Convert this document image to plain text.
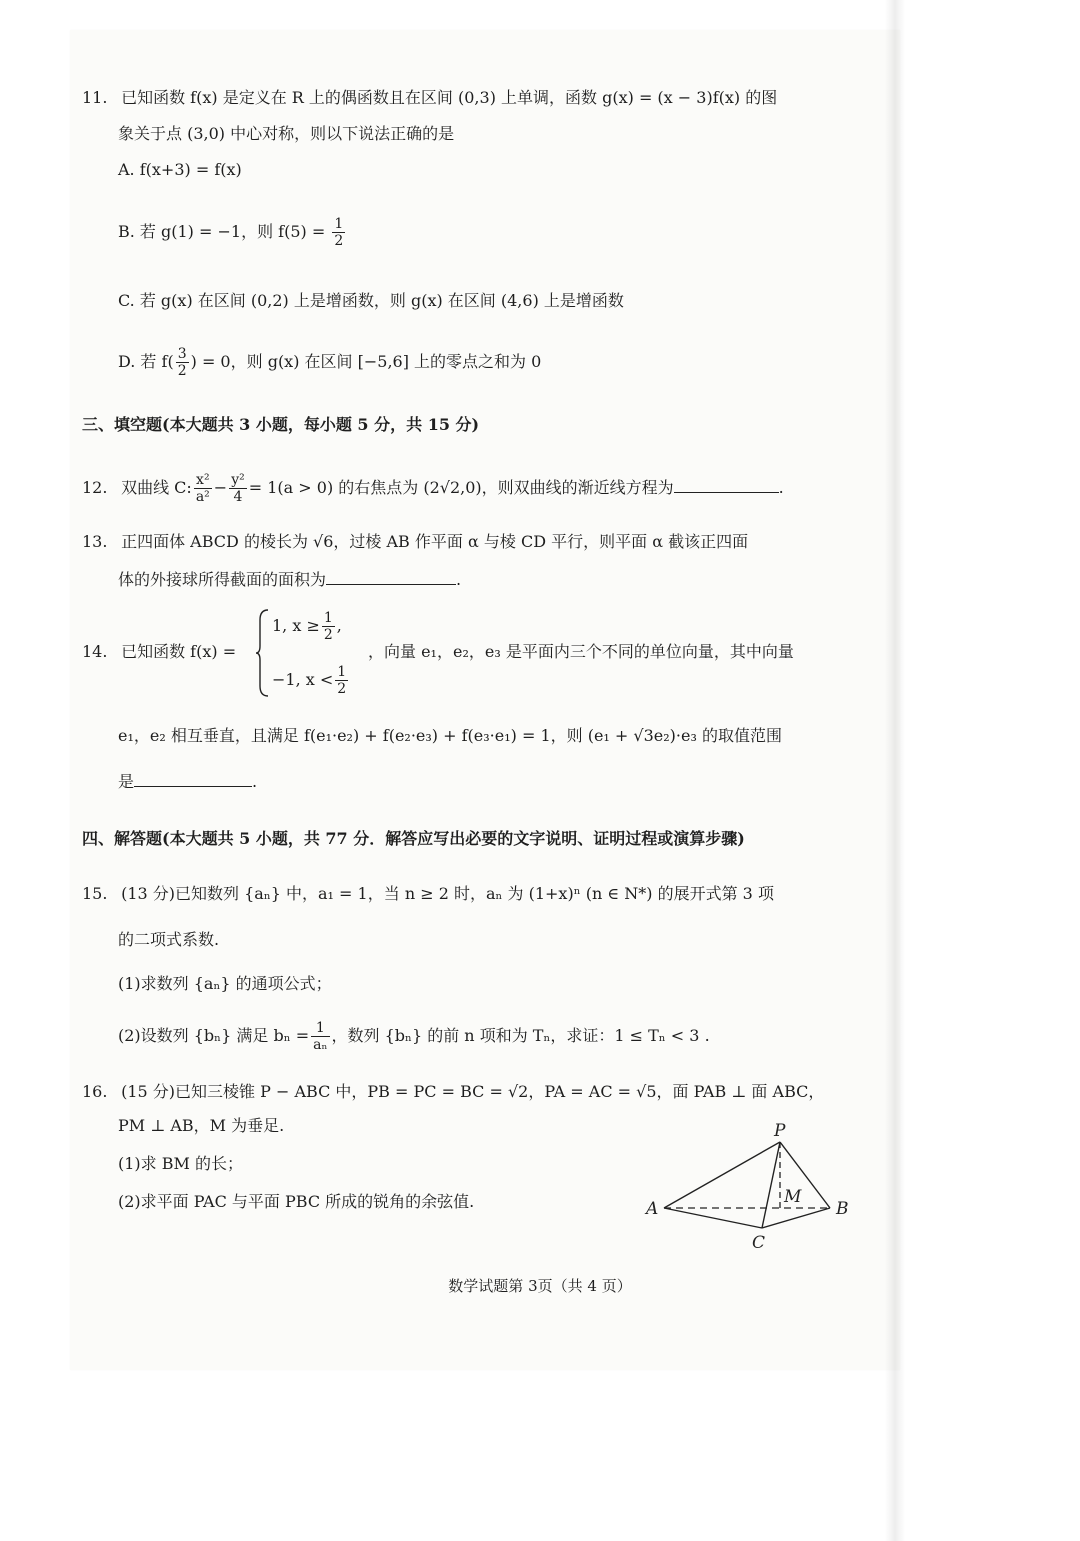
11. 已知函数 f(x) 是定义在 R 上的偶函数且在区间 (0,3) 上单调，函数 g(x) = (x − 3)f(x) 的图
象关于点 (3,0) 中心对称，则以下说法正确的是
A. f(x+3) = f(x)
B. 若 g(1) = −1，则 $f(5) = \frac{1}{2}$
C. 若 g(x) 在区间 (0,2) 上是增函数，则 g(x) 在区间 (4,6) 上是增函数
D. 若 $f( \frac{3}{2}$ ) = 0，则 g(x) 在区间 [−5,6] 上的零点之和为 0
三、填空题(本大题共 3 小题，每小题 5 分，共 15 分)
12. 双曲线 C: $\frac{\text{x²}}{\text{a²}} - \frac{\text{y²}}{4} = 1(a > 0)$ 的右焦点为 (2√2,0)，则双曲线的渐近线方程为	.
13. 正四面体 ABCD 的棱长为 √6，过棱 AB 作平面 α 与棱 CD 平行，则平面 α 截该正四面
体的外接球所得截面的面积为	.
14. 已知函数 f(x) =
1, $x \ge \frac{1}{2}$ ,
−1, $x < \frac{1}{2}$
，向量 e₁，e₂，e₃ 是平面内三个不同的单位向量，其中向量
e₁，e₂ 相互垂直，且满足 f(e₁·e₂) + f(e₂·e₃) + f(e₃·e₁) = 1，则 (e₁ + √3e₂)·e₃ 的取值范围
是	.
四、解答题(本大题共 5 小题，共 77 分．解答应写出必要的文字说明、证明过程或演算步骤)
15. (13 分)已知数列 {aₙ} 中，a₁ = 1，当 n ≥ 2 时，aₙ 为 (1+x)ⁿ (n ∈ N*) 的展开式第 3 项
的二项式系数.
(1)求数列 {aₙ} 的通项公式；
(2)设数列 {bₙ} 满足 $b_n = \frac{1}{\text{aₙ}}$ ，数列 {bₙ} 的前 n 项和为 Tₙ，求证：1 ≤ Tₙ < 3 .
16. (15 分)已知三棱锥 P − ABC 中，PB = PC = BC = √2，PA = AC = √5，面 PAB ⊥ 面 ABC，
PM ⊥ AB，M 为垂足.
(1)求 BM 的长；
(2)求平面 PAC 与平面 PBC 所成的锐角的余弦值.
P
A	B
C
M
数学试题第 3页（共 4 页）
